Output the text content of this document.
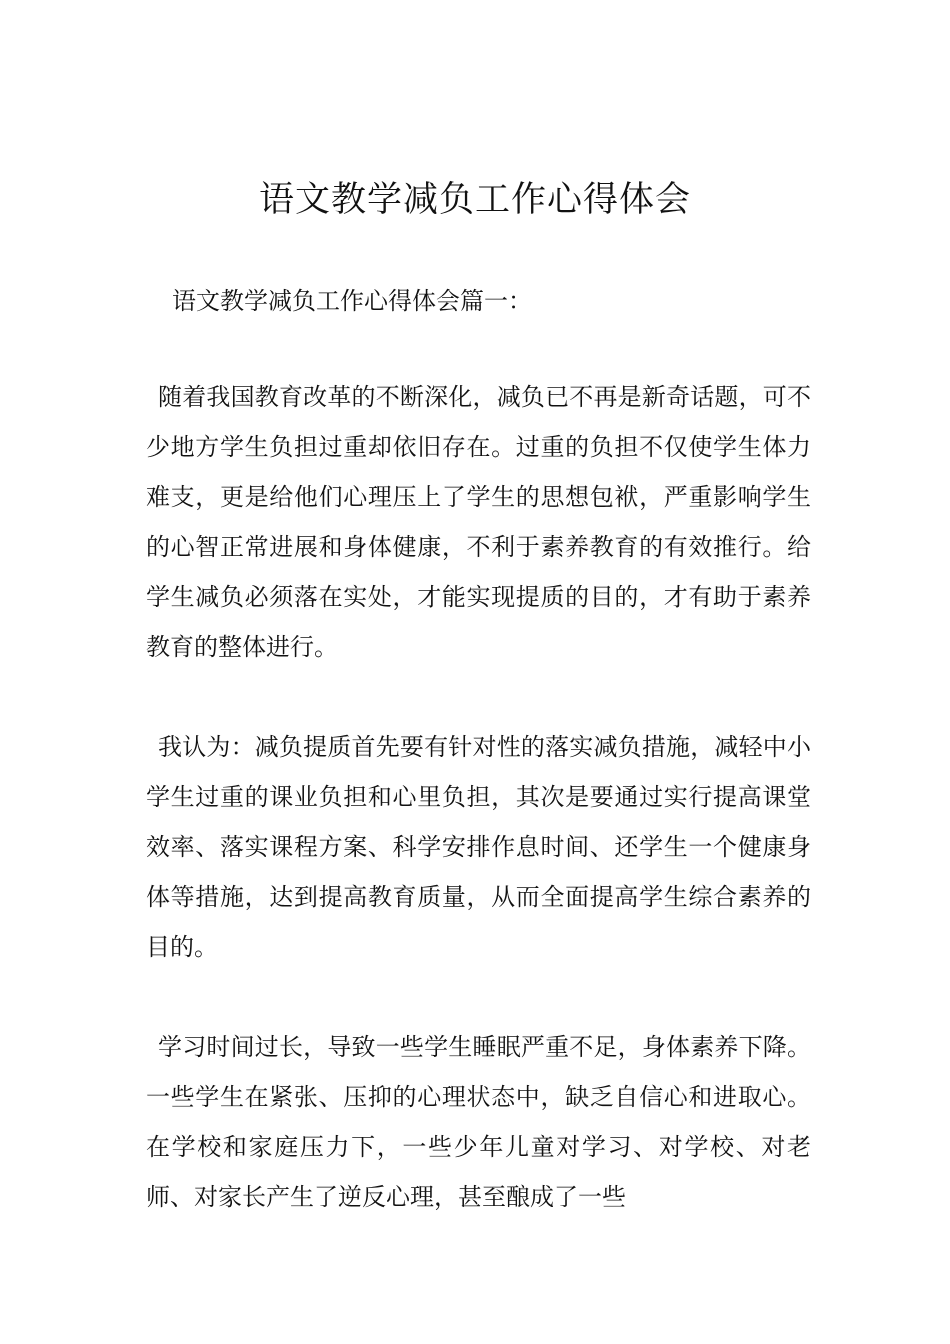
语文教学减负工作心得体会

语文教学减负工作心得体会篇一：

随着我国教育改革的不断深化，减负已不再是新奇话题，可不少地方学生负担过重却依旧存在。过重的负担不仅使学生体力难支，更是给他们心理压上了学生的思想包袱，严重影响学生的心智正常进展和身体健康，不利于素养教育的有效推行。给学生减负必须落在实处，才能实现提质的目的，才有助于素养教育的整体进行。

我认为：减负提质首先要有针对性的落实减负措施，减轻中小学生过重的课业负担和心里负担，其次是要通过实行提高课堂效率、落实课程方案、科学安排作息时间、还学生一个健康身体等措施，达到提高教育质量，从而全面提高学生综合素养的目的。

学习时间过长，导致一些学生睡眠严重不足，身体素养下降。一些学生在紧张、压抑的心理状态中，缺乏自信心和进取心。在学校和家庭压力下，一些少年儿童对学习、对学校、对老师、对家长产生了逆反心理，甚至酿成了一些
